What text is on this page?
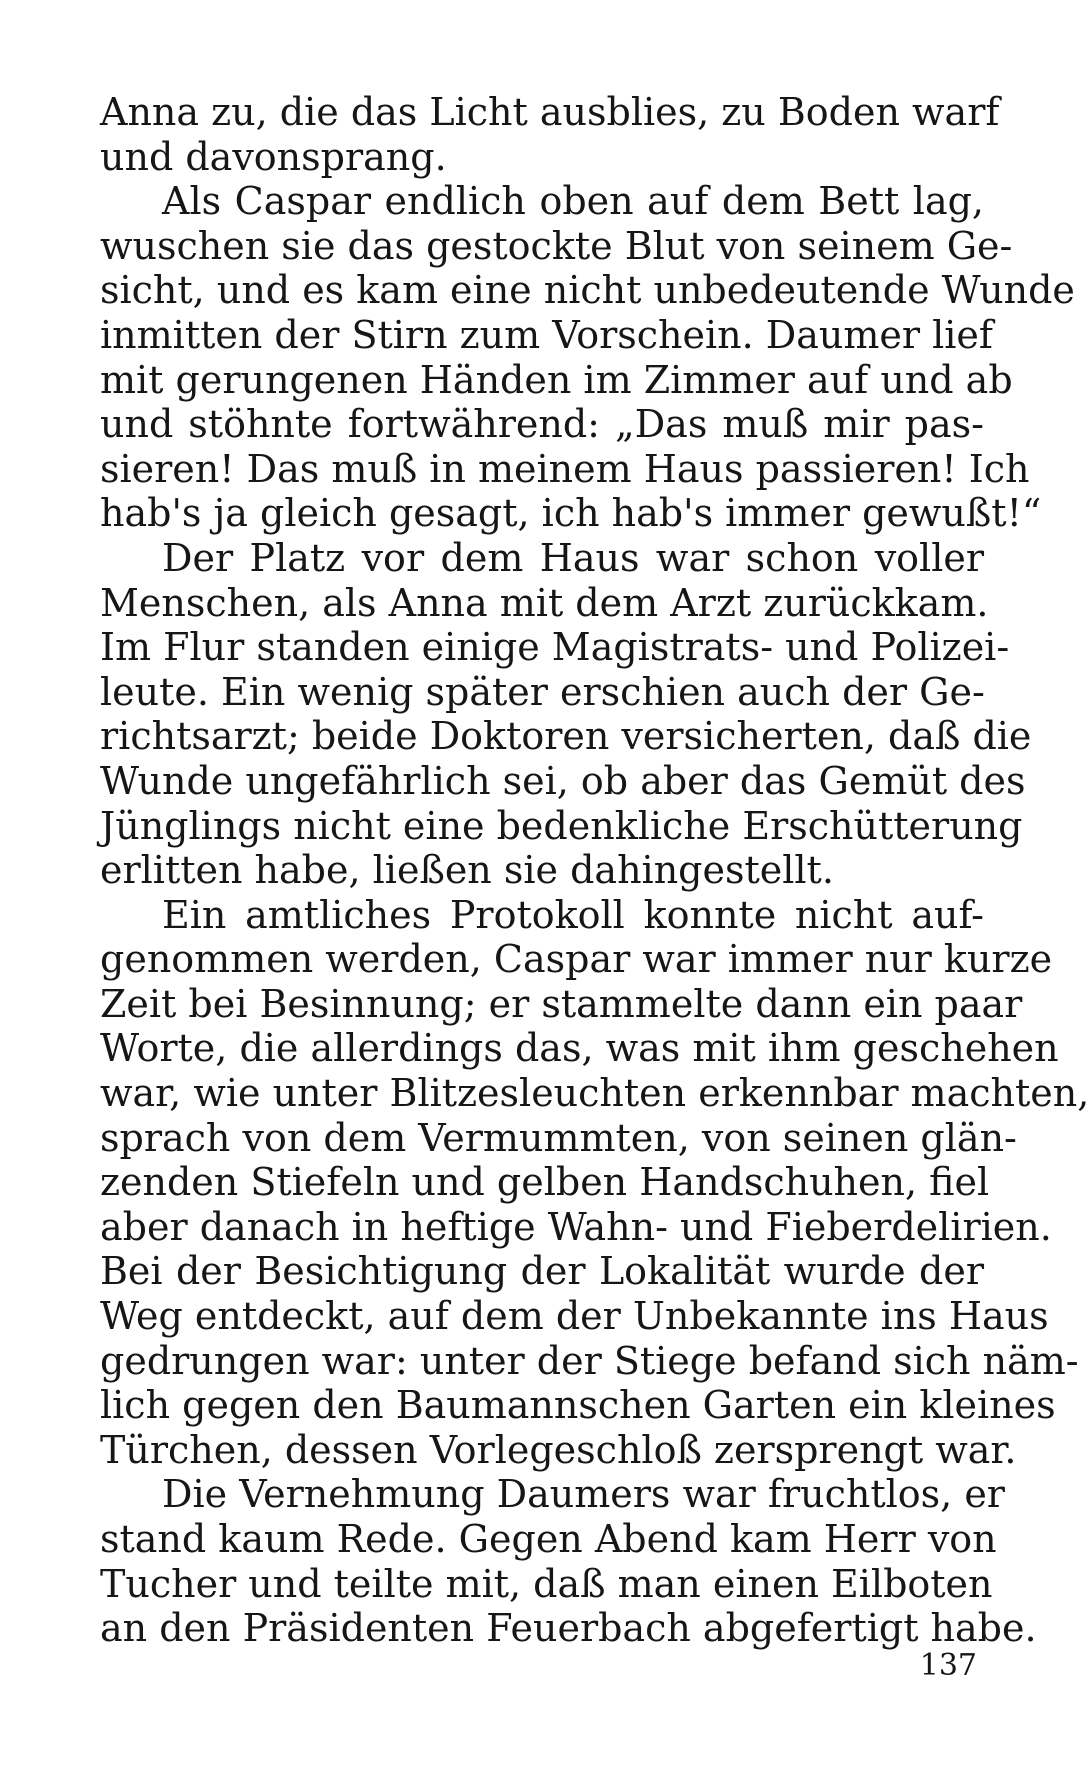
Anna zu, die das Licht ausblies, zu Boden warf
und davonsprang.
Als Caspar endlich oben auf dem Bett lag,
wuschen sie das gestockte Blut von seinem Ge-
sicht, und es kam eine nicht unbedeutende Wunde
inmitten der Stirn zum Vorschein. Daumer lief
mit gerungenen Händen im Zimmer auf und ab
und stöhnte fortwährend: „Das muß mir pas-
sieren! Das muß in meinem Haus passieren! Ich
hab's ja gleich gesagt, ich hab's immer gewußt!“
Der Platz vor dem Haus war schon voller
Menschen, als Anna mit dem Arzt zurückkam.
Im Flur standen einige Magistrats- und Polizei-
leute. Ein wenig später erschien auch der Ge-
richtsarzt; beide Doktoren versicherten, daß die
Wunde ungefährlich sei, ob aber das Gemüt des
Jünglings nicht eine bedenkliche Erschütterung
erlitten habe, ließen sie dahingestellt.
Ein amtliches Protokoll konnte nicht auf-
genommen werden, Caspar war immer nur kurze
Zeit bei Besinnung; er stammelte dann ein paar
Worte, die allerdings das, was mit ihm geschehen
war, wie unter Blitzesleuchten erkennbar machten,
sprach von dem Vermummten, von seinen glän-
zenden Stiefeln und gelben Handschuhen, fiel
aber danach in heftige Wahn- und Fieberdelirien.
Bei der Besichtigung der Lokalität wurde der
Weg entdeckt, auf dem der Unbekannte ins Haus
gedrungen war: unter der Stiege befand sich näm-
lich gegen den Baumannschen Garten ein kleines
Türchen, dessen Vorlegeschloß zersprengt war.
Die Vernehmung Daumers war fruchtlos, er
stand kaum Rede. Gegen Abend kam Herr von
Tucher und teilte mit, daß man einen Eilboten
an den Präsidenten Feuerbach abgefertigt habe.
137
